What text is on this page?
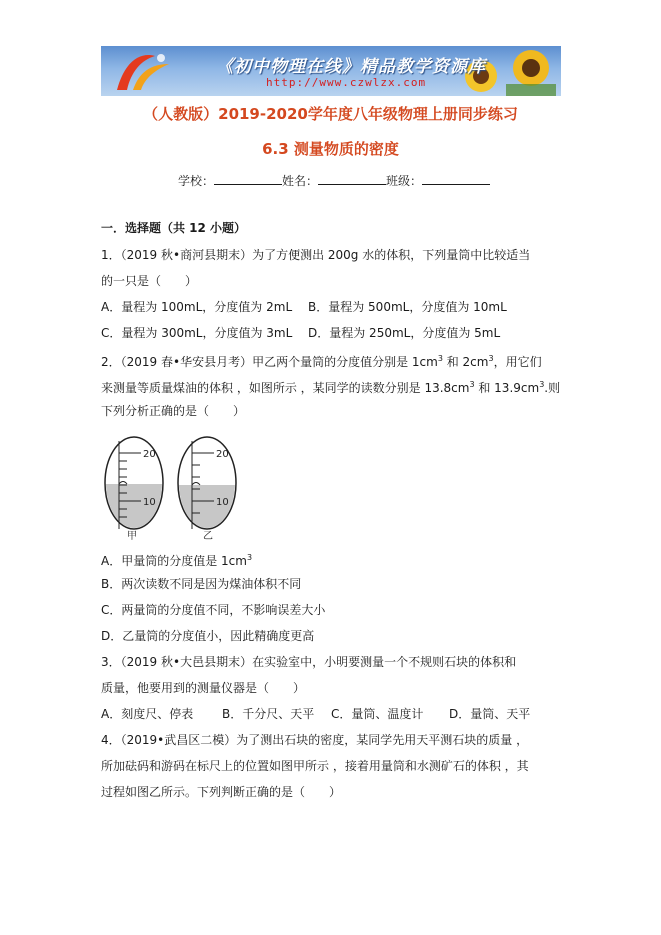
《初中物理在线》精品教学资源库
http://www.czwlzx.com
（人教版）2019-2020学年度八年级物理上册同步练习
6.3 测量物质的密度
学校：	姓名：	班级：
一．选择题（共 12 小题）
1．（2019 秋•商河县期末）为了方便测出 200g 水的体积，下列量筒中比较适当
的一只是（　　）
A．量程为 100mL，分度值为 2mL B．量程为 500mL，分度值为 10mL
C．量程为 300mL，分度值为 3mL D．量程为 250mL，分度值为 5mL
2．（2019 春•华安县月考）甲乙两个量筒的分度值分别是 $1cm^3$ 和 $2cm^3$，用它们
来测量等质量煤油的体积 ，如图所示 ，某同学的读数分别是 $13.8cm^3$ 和 $13.9cm^3$.则
下列分析正确的是（　　）
20
10
甲
20
10
乙
A．甲量筒的分度值是 $1cm^3$
B．两次读数不同是因为煤油体积不同
C．两量筒的分度值不同，不影响误差大小
D．乙量筒的分度值小，因此精确度更高
3．（2019 秋•大邑县期末）在实验室中，小明要测量一个不规则石块的体积和
质量，他要用到的测量仪器是（　　）
A．刻度尺、停表 B．千分尺、天平 C．量筒、温度计 D．量筒、天平
4．（2019•武昌区二模）为了测出石块的密度，某同学先用天平测石块的质量 ，
所加砝码和游码在标尺上的位置如图甲所示 ，接着用量筒和水测矿石的体积 ，其
过程如图乙所示。下列判断正确的是（　　）
